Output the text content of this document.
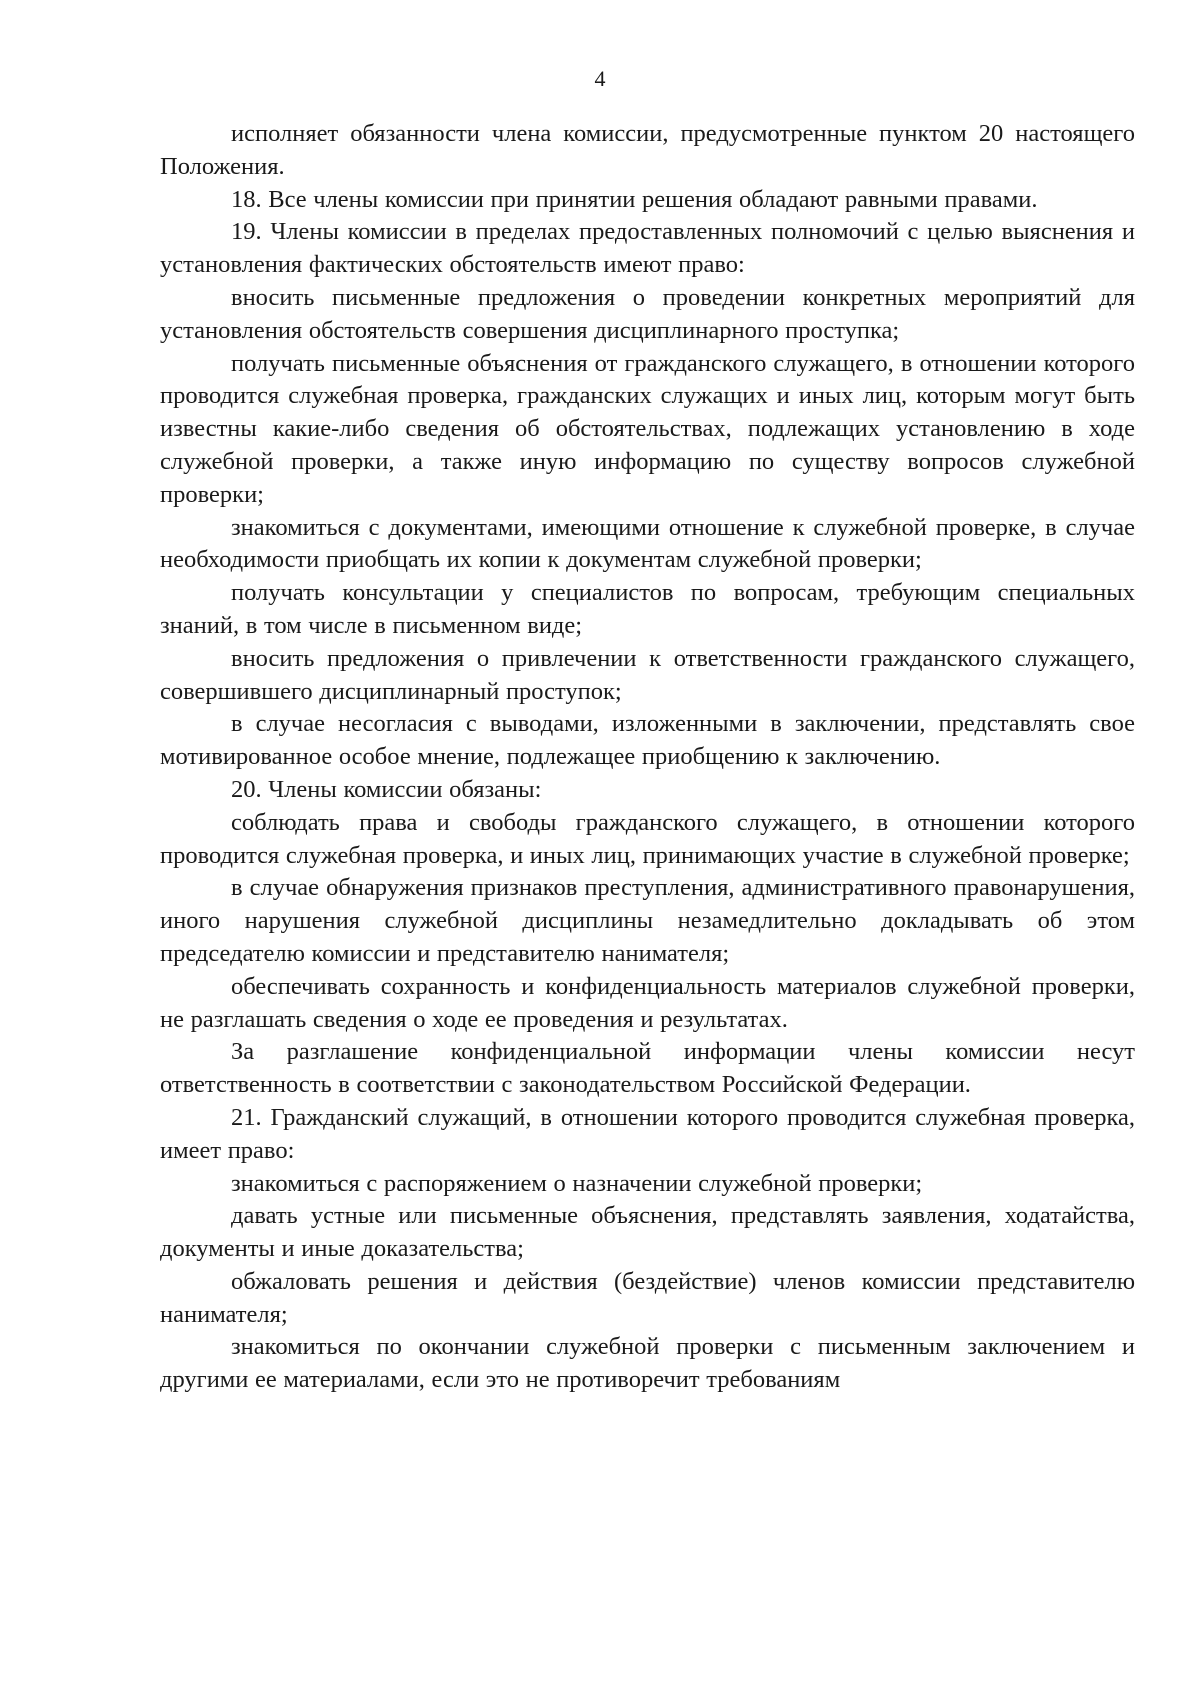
4

исполняет обязанности члена комиссии, предусмотренные пунктом 20 настоящего Положения.

18. Все члены комиссии при принятии решения обладают равными правами.

19. Члены комиссии в пределах предоставленных полномочий с целью выяснения и установления фактических обстоятельств имеют право:

вносить письменные предложения о проведении конкретных мероприятий для установления обстоятельств совершения дисциплинарного проступка;

получать письменные объяснения от гражданского служащего, в отношении которого проводится служебная проверка, гражданских служащих и иных лиц, которым могут быть известны какие-либо сведения об обстоятельствах, подлежащих установлению в ходе служебной проверки, а также иную информацию по существу вопросов служебной проверки;

знакомиться с документами, имеющими отношение к служебной проверке, в случае необходимости приобщать их копии к документам служебной проверки;

получать консультации у специалистов по вопросам, требующим специальных знаний, в том числе в письменном виде;

вносить предложения о привлечении к ответственности гражданского служащего, совершившего дисциплинарный проступок;

в случае несогласия с выводами, изложенными в заключении, представлять свое мотивированное особое мнение, подлежащее приобщению к заключению.

20. Члены комиссии обязаны:

соблюдать права и свободы гражданского служащего, в отношении которого проводится служебная проверка, и иных лиц, принимающих участие в служебной проверке;

в случае обнаружения признаков преступления, административного правонарушения, иного нарушения служебной дисциплины незамедлительно докладывать об этом председателю комиссии и представителю нанимателя;

обеспечивать сохранность и конфиденциальность материалов служебной проверки, не разглашать сведения о ходе ее проведения и результатах.

За разглашение конфиденциальной информации члены комиссии несут ответственность в соответствии с законодательством Российской Федерации.

21. Гражданский служащий, в отношении которого проводится служебная проверка, имеет право:

знакомиться с распоряжением о назначении служебной проверки;

давать устные или письменные объяснения, представлять заявления, ходатайства, документы и иные доказательства;

обжаловать решения и действия (бездействие) членов комиссии представителю нанимателя;

знакомиться по окончании служебной проверки с письменным заключением и другими ее материалами, если это не противоречит требованиям
